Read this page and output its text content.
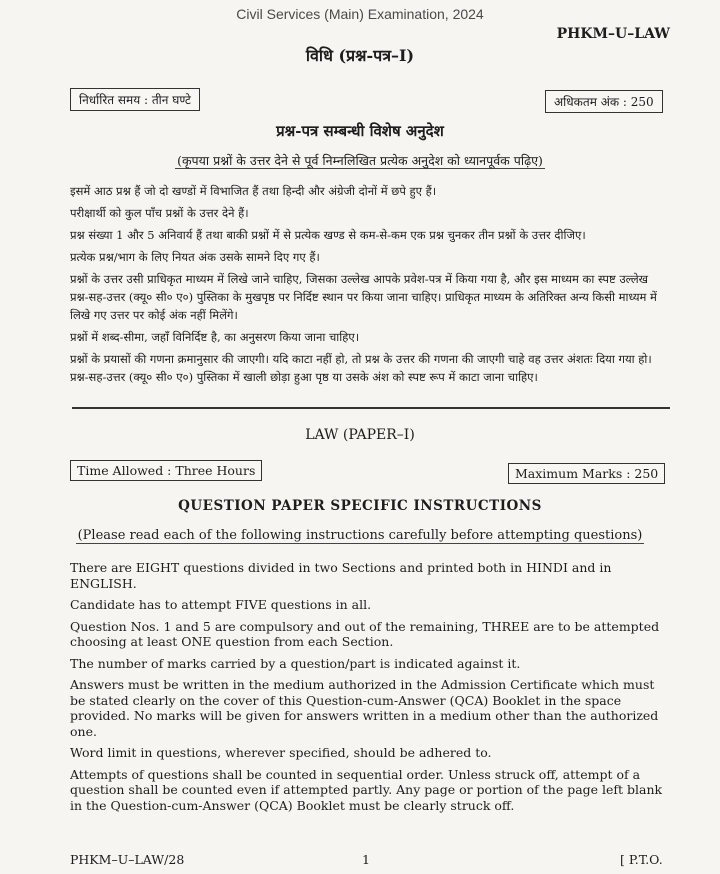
Civil Services (Main) Examination, 2024
PHKM–U–LAW
विधि (प्रश्न-पत्र–I)
निर्धारित समय : तीन घण्टे	अधिकतम अंक : 250
प्रश्न-पत्र सम्बन्धी विशेष अनुदेश
(कृपया प्रश्नों के उत्तर देने से पूर्व निम्नलिखित प्रत्येक अनुदेश को ध्यानपूर्वक पढ़िए)

इसमें आठ प्रश्न हैं जो दो खण्डों में विभाजित हैं तथा हिन्दी और अंग्रेजी दोनों में छपे हुए हैं।

परीक्षार्थी को कुल पाँच प्रश्नों के उत्तर देने हैं।

प्रश्न संख्या 1 और 5 अनिवार्य हैं तथा बाकी प्रश्नों में से प्रत्येक खण्ड से कम-से-कम एक प्रश्न चुनकर तीन प्रश्नों के उत्तर दीजिए।

प्रत्येक प्रश्न/भाग के लिए नियत अंक उसके सामने दिए गए हैं।

प्रश्नों के उत्तर उसी प्राधिकृत माध्यम में लिखे जाने चाहिए, जिसका उल्लेख आपके प्रवेश-पत्र में किया गया है, और इस माध्यम का स्पष्ट उल्लेख प्रश्न-सह-उत्तर (क्यू० सी० ए०) पुस्तिका के मुखपृष्ठ पर निर्दिष्ट स्थान पर किया जाना चाहिए। प्राधिकृत माध्यम के अतिरिक्त अन्य किसी माध्यम में लिखे गए उत्तर पर कोई अंक नहीं मिलेंगे।

प्रश्नों में शब्द-सीमा, जहाँ विनिर्दिष्ट है, का अनुसरण किया जाना चाहिए।

प्रश्नों के प्रयासों की गणना क्रमानुसार की जाएगी। यदि काटा नहीं हो, तो प्रश्न के उत्तर की गणना की जाएगी चाहे वह उत्तर अंशतः दिया गया हो। प्रश्न-सह-उत्तर (क्यू० सी० ए०) पुस्तिका में खाली छोड़ा हुआ पृष्ठ या उसके अंश को स्पष्ट रूप में काटा जाना चाहिए।

LAW (PAPER–I)
Time Allowed : Three Hours	Maximum Marks : 250
QUESTION PAPER SPECIFIC INSTRUCTIONS
(Please read each of the following instructions carefully before attempting questions)

There are EIGHT questions divided in two Sections and printed both in HINDI and in ENGLISH.

Candidate has to attempt FIVE questions in all.

Question Nos. 1 and 5 are compulsory and out of the remaining, THREE are to be attempted choosing at least ONE question from each Section.

The number of marks carried by a question/part is indicated against it.

Answers must be written in the medium authorized in the Admission Certificate which must be stated clearly on the cover of this Question-cum-Answer (QCA) Booklet in the space provided. No marks will be given for answers written in a medium other than the authorized one.

Word limit in questions, wherever specified, should be adhered to.

Attempts of questions shall be counted in sequential order. Unless struck off, attempt of a question shall be counted even if attempted partly. Any page or portion of the page left blank in the Question-cum-Answer (QCA) Booklet must be clearly struck off.

PHKM–U–LAW/28	1	[ P.T.O.
